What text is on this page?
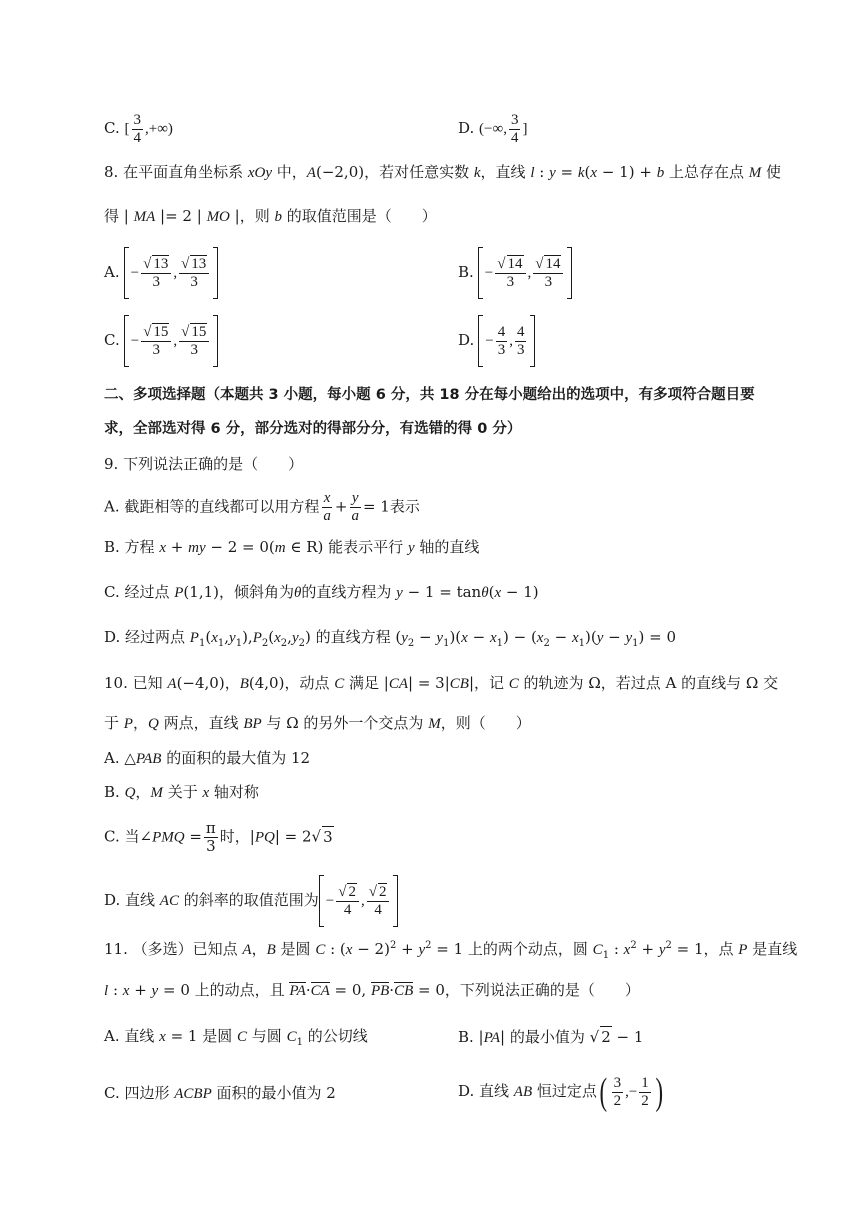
C. [ $\frac{3}{4}$ ,+∞)	D. (−∞, $\frac{3}{4}$ ]
8. 在平面直角坐标系 xOy 中，A(−2,0)，若对任意实数 k，直线 l : y = k(x − 1) + b 上总存在点 M 使
得 | MA |= 2 | MO |，则 b 的取值范围是（　　）
A. − $\frac{√ 13}{3}$ , $\frac{√ 13}{3}$	B. − $\frac{√ 14}{3}$ , $\frac{√ 14}{3}$
C. − $\frac{√ 15}{3}$ , $\frac{√ 15}{3}$	D. − $\frac{4}{3}$ , $\frac{4}{3}$
二、多项选择题（本题共 3 小题，每小题 6 分，共 18 分在每小题给出的选项中，有多项符合题目要
求，全部选对得 6 分，部分选对的得部分分，有选错的得 0 分）
9. 下列说法正确的是（　　）
A. 截距相等的直线都可以用方程 $\frac{x}{a} + \frac{y}{a} = 1$表示
B. 方程 x + my − 2 = 0(m ∈ R) 能表示平行 y 轴的直线
C. 经过点 P(1,1)，倾斜角为θ的直线方程为 y − 1 = tanθ(x − 1)
D. 经过两点 $P_1(x_1,y_1),P_2(x_2,y_2)$ 的直线方程 $(y_2 - y_1)(x - x_1) - (x_2 - x_1)(y - y_1) = 0$
10. 已知 A(−4,0)，B(4,0)，动点 C 满足 |CA| = 3|CB|，记 C 的轨迹为 Ω，若过点 A 的直线与 Ω 交
于 P，Q 两点，直线 BP 与 Ω 的另外一个交点为 M，则（　　）
A. △PAB 的面积的最大值为 12
B. Q，M 关于 x 轴对称
C. 当∠PMQ = $\frac{\pi}{3}$ 时，|PQ| = 2√ 3
D. 直线 AC 的斜率的取值范围为 − $\frac{√ 2}{4}$ , $\frac{√ 2}{4}$
11. （多选）已知点 A，B 是圆 C : $(x - 2)^2 + y^2 = 1$ 上的两个动点，圆 $C_1$ : $x^2 + y^2 = 1$，点 P 是直线
l : x + y = 0 上的动点，且 PA·CA = 0, PB·CB = 0，下列说法正确的是（　　）
A. 直线 x = 1 是圆 C 与圆 $C_1$ 的公切线	B. |PA| 的最小值为 √ 2 − 1
C. 四边形 ACBP 面积的最小值为 2	D. 直线 AB 恒过定点 ( $\frac{3}{2}$ ,− $\frac{1}{2}$ )
